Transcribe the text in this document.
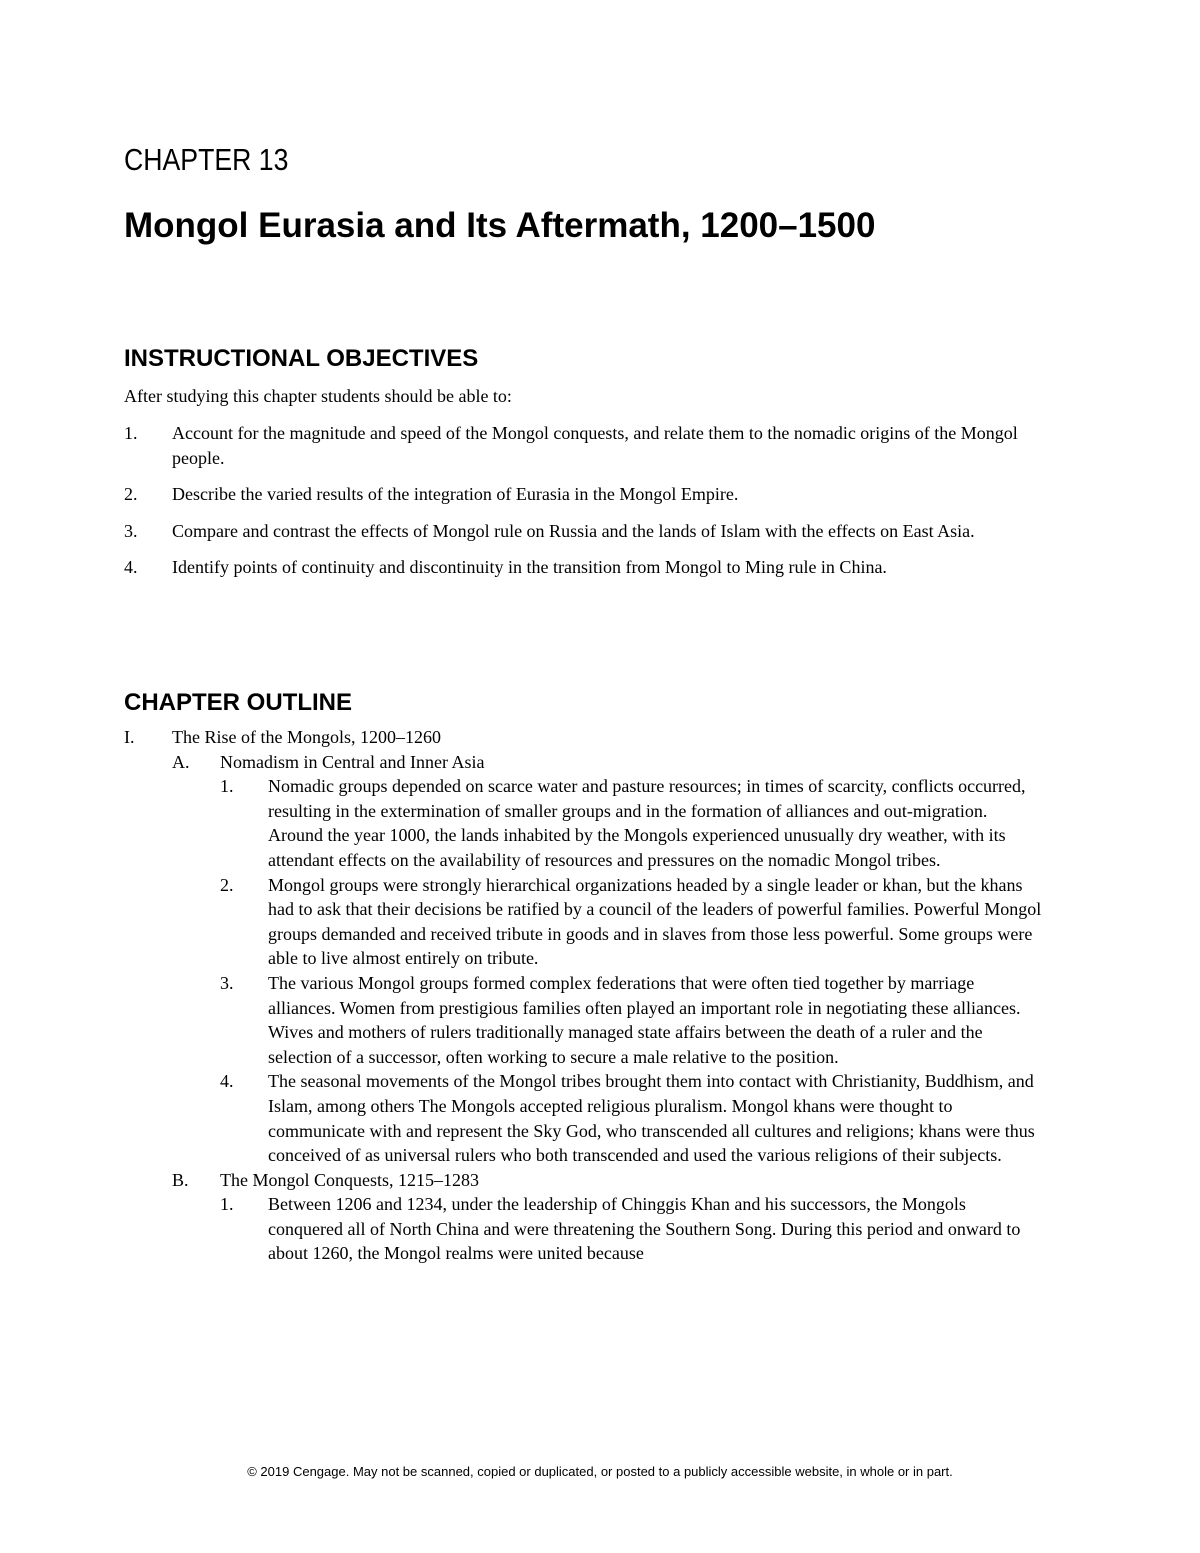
CHAPTER 13
Mongol Eurasia and Its Aftermath, 1200–1500
INSTRUCTIONAL OBJECTIVES

After studying this chapter students should be able to:

1.	Account for the magnitude and speed of the Mongol conquests, and relate them to the nomadic origins of the Mongol people.
2.	Describe the varied results of the integration of Eurasia in the Mongol Empire.
3.	Compare and contrast the effects of Mongol rule on Russia and the lands of Islam with the effects on East Asia.
4.	Identify points of continuity and discontinuity in the transition from Mongol to Ming rule in China.
CHAPTER OUTLINE
I.	The Rise of the Mongols, 1200–1260
A.	Nomadism in Central and Inner Asia
1.	Nomadic groups depended on scarce water and pasture resources; in times of scarcity, conflicts occurred, resulting in the extermination of smaller groups and in the formation of alliances and out-migration. Around the year 1000, the lands inhabited by the Mongols experienced unusually dry weather, with its attendant effects on the availability of resources and pressures on the nomadic Mongol tribes.
2.	Mongol groups were strongly hierarchical organizations headed by a single leader or khan, but the khans had to ask that their decisions be ratified by a council of the leaders of powerful families. Powerful Mongol groups demanded and received tribute in goods and in slaves from those less powerful. Some groups were able to live almost entirely on tribute.
3.	The various Mongol groups formed complex federations that were often tied together by marriage alliances. Women from prestigious families often played an important role in negotiating these alliances. Wives and mothers of rulers traditionally managed state affairs between the death of a ruler and the selection of a successor, often working to secure a male relative to the position.
4.	The seasonal movements of the Mongol tribes brought them into contact with Christianity, Buddhism, and Islam, among others The Mongols accepted religious pluralism. Mongol khans were thought to communicate with and represent the Sky God, who transcended all cultures and religions; khans were thus conceived of as universal rulers who both transcended and used the various religions of their subjects.
B.	The Mongol Conquests, 1215–1283
1.	Between 1206 and 1234, under the leadership of Chinggis Khan and his successors, the Mongols conquered all of North China and were threatening the Southern Song. During this period and onward to about 1260, the Mongol realms were united because
© 2019 Cengage. May not be scanned, copied or duplicated, or posted to a publicly accessible website, in whole or in part.
